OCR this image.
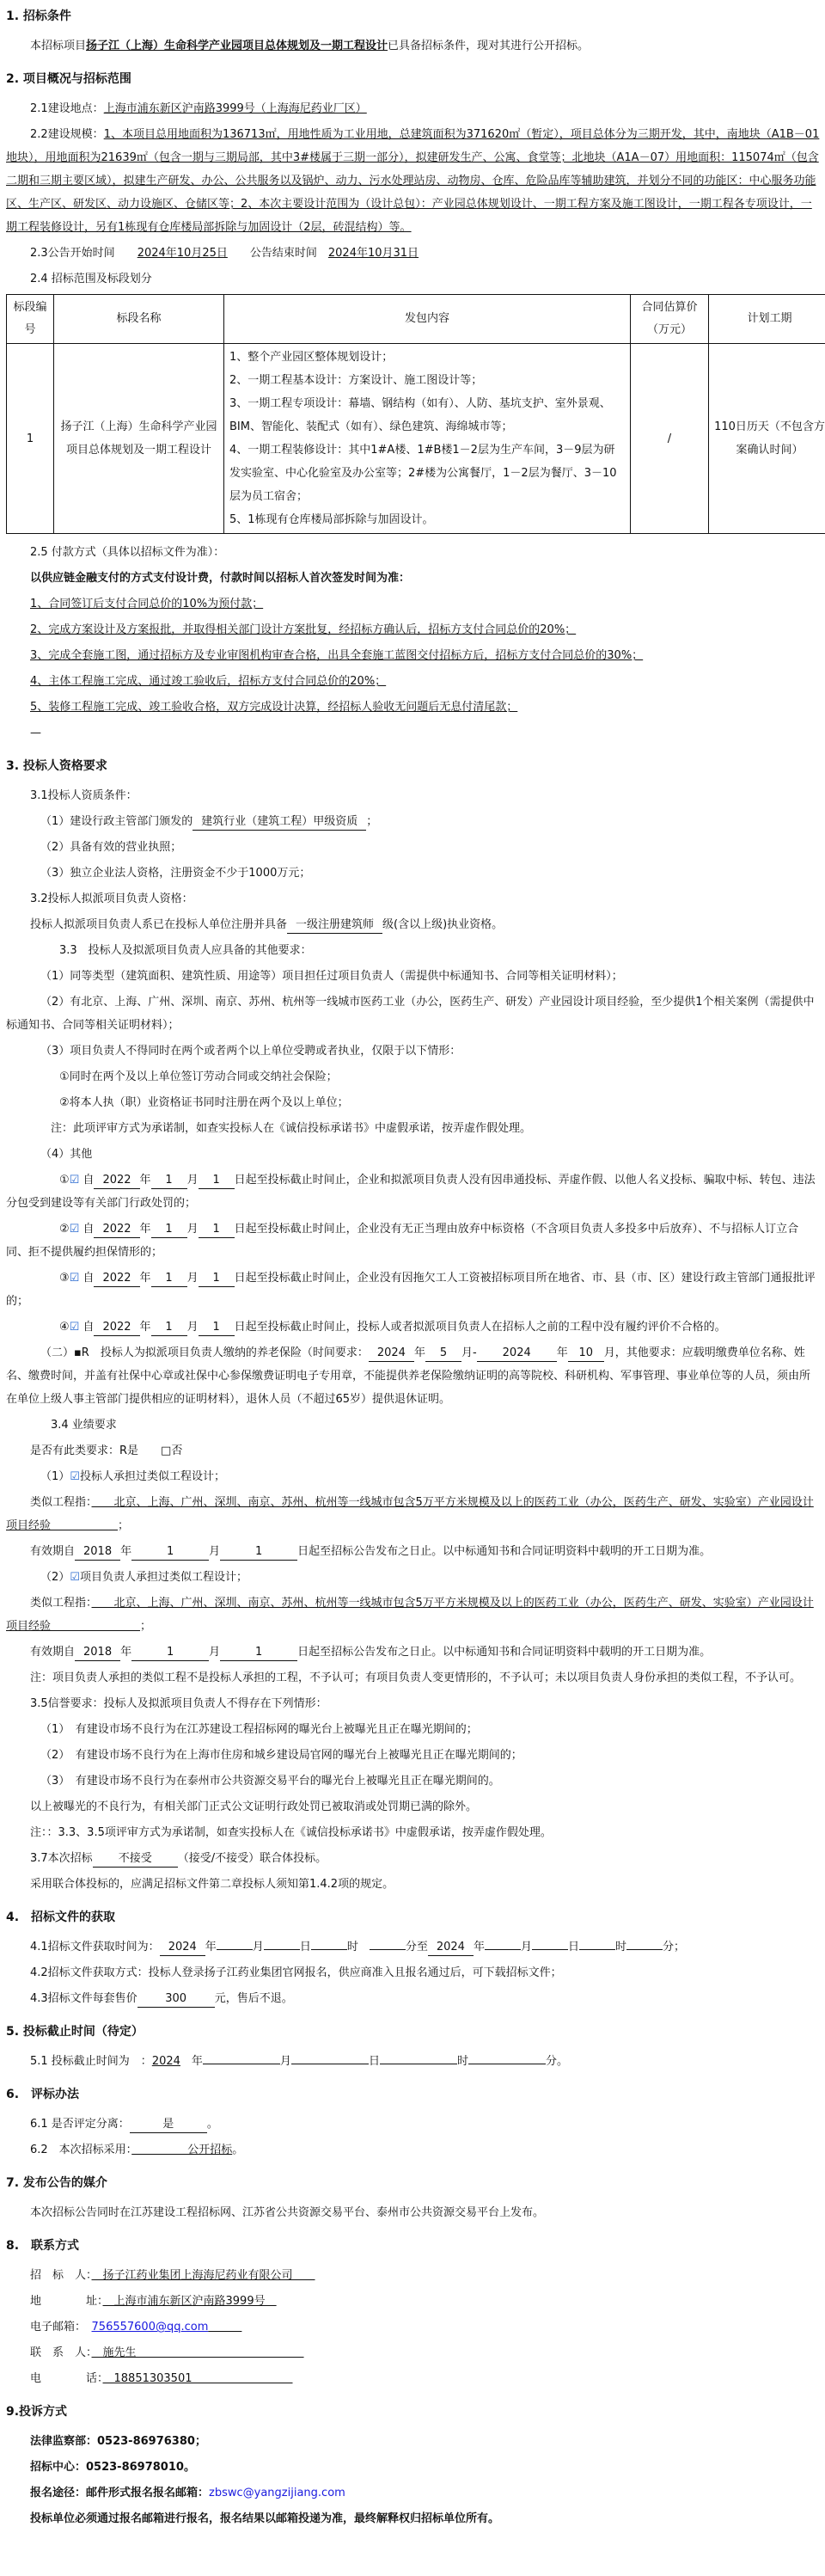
1. 招标条件
本招标项目扬子江（上海）生命科学产业园项目总体规划及一期工程设计已具备招标条件，现对其进行公开招标。
2. 项目概况与招标范围
2.1建设地点：上海市浦东新区沪南路3999号（上海海尼药业厂区）
2.2建设规模：1、本项目总用地面积为136713㎡，用地性质为工业用地，总建筑面积为371620㎡（暂定），项目总体分为三期开发，其中，南地块（A1B－01地块），用地面积为21639㎡（包含一期与三期局部，其中3#楼属于三期一部分），拟建研发生产、公寓、食堂等；北地块（A1A－07）用地面积：115074㎡（包含二期和三期主要区域），拟建生产研发、办公、公共服务以及锅炉、动力、污水处理站房、动物房、仓库、危险品库等辅助建筑，并划分不同的功能区：中心服务功能区、生产区、研发区、动力设施区、仓储区等；2、本次主要设计范围为（设计总包）：产业园总体规划设计、一期工程方案及施工图设计，一期工程各专项设计，一期工程装修设计，另有1栋现有仓库楼局部拆除与加固设计（2层，砖混结构）等。
2.3公告开始时间　　2024年10月25日　　公告结束时间　2024年10月31日
2.4 招标范围及标段划分
标段编号	标段名称	发包内容	合同估算价（万元）	计划工期
1	扬子江（上海）生命科学产业园项目总体规划及一期工程设计	1、整个产业园区整体规划设计；
2、一期工程基本设计：方案设计、施工图设计等；
3、一期工程专项设计：幕墙、钢结构（如有）、人防、基坑支护、室外景观、BIM、智能化、装配式（如有）、绿色建筑、海绵城市等；
4、一期工程装修设计：其中1#A楼、1#B楼1－2层为生产车间，3－9层为研发实验室、中心化验室及办公室等；2#楼为公寓餐厅，1－2层为餐厅、3－10层为员工宿舍；
5、1栋现有仓库楼局部拆除与加固设计。	/	110日历天（不包含方案确认时间）
2.5 付款方式（具体以招标文件为准）：
以供应链金融支付的方式支付设计费，付款时间以招标人首次签发时间为准：
1、合同签订后支付合同总价的10%为预付款；
2、完成方案设计及方案报批，并取得相关部门设计方案批复，经招标方确认后，招标方支付合同总价的20%；
3、完成全套施工图，通过招标方及专业审图机构审查合格，出具全套施工蓝图交付招标方后，招标方支付合同总价的30%；
4、主体工程施工完成、通过竣工验收后，招标方支付合同总价的20%；
5、装修工程施工完成、竣工验收合格，双方完成设计决算，经招标人验收无问题后无息付清尾款；
—
3. 投标人资格要求
3.1投标人资质条件：
（1）建设行政主管部门颁发的 建筑行业（建筑工程）甲级资质 ；
（2）具备有效的营业执照；
（3）独立企业法人资格，注册资金不少于1000万元；
3.2投标人拟派项目负责人资格：
投标人拟派项目负责人系已在投标人单位注册并具备 一级注册建筑师 级(含以上级)执业资格。
3.3　投标人及拟派项目负责人应具备的其他要求：
（1）同等类型（建筑面积、建筑性质、用途等）项目担任过项目负责人（需提供中标通知书、合同等相关证明材料）；
（2）有北京、上海、广州、深圳、南京、苏州、杭州等一线城市医药工业（办公，医药生产、研发）产业园设计项目经验，至少提供1个相关案例（需提供中标通知书、合同等相关证明材料）；
（3）项目负责人不得同时在两个或者两个以上单位受聘或者执业，仅限于以下情形：
①同时在两个及以上单位签订劳动合同或交纳社会保险；
②将本人执（职）业资格证书同时注册在两个及以上单位；
注：此项评审方式为承诺制，如查实投标人在《诚信投标承诺书》中虚假承诺，按弄虚作假处理。
（4）其他
①☑ 自 2022 年 1 月 1 日起至投标截止时间止，企业和拟派项目负责人没有因串通投标、弄虚作假、以他人名义投标、骗取中标、转包、违法分包受到建设等有关部门行政处罚的；
②☑ 自 2022 年 1 月 1 日起至投标截止时间止，企业没有无正当理由放弃中标资格（不含项目负责人多投多中后放弃）、不与招标人订立合同、拒不提供履约担保情形的；
③☑ 自 2022 年 1 月 1 日起至投标截止时间止，企业没有因拖欠工人工资被招标项目所在地省、市、县（市、区）建设行政主管部门通报批评的；
④☑ 自 2022 年 1 月 1 日起至投标截止时间止，投标人或者拟派项目负责人在招标人之前的工程中没有履约评价不合格的。
（二）▪R　投标人为拟派项目负责人缴纳的养老保险（时间要求： 2024 年 5 月- 2024 年 10 月，其他要求：应载明缴费单位名称、姓名、缴费时间，并盖有社保中心章或社保中心参保缴费证明电子专用章，不能提供养老保险缴纳证明的高等院校、科研机构、军事管理、事业单位等的人员，须由所在单位上级人事主管部门提供相应的证明材料），退休人员（不超过65岁）提供退休证明。
3.4 业绩要求
是否有此类要求：R是　　□否
（1）☑投标人承担过类似工程设计；
类似工程指：　　北京、上海、广州、深圳、南京、苏州、杭州等一线城市包含5万平方米规模及以上的医药工业（办公，医药生产、研发、实验室）产业园设计项目经验　　　　　　；
有效期自 2018 年	1	月	1	日起至招标公告发布之日止。以中标通知书和合同证明资料中载明的开工日期为准。
（2）☑项目负责人承担过类似工程设计；
类似工程指：　　北京、上海、广州、深圳、南京、苏州、杭州等一线城市包含5万平方米规模及以上的医药工业（办公，医药生产、研发、实验室）产业园设计项目经验　　　　　　　　；
有效期自 2018 年	1	月	1	日起至招标公告发布之日止。以中标通知书和合同证明资料中载明的开工日期为准。
注：项目负责人承担的类似工程不是投标人承担的工程，不予认可；有项目负责人变更情形的，不予认可；未以项目负责人身份承担的类似工程，不予认可。
3.5信誉要求：投标人及拟派项目负责人不得存在下列情形：
（1）　有建设市场不良行为在江苏建设工程招标网的曝光台上被曝光且正在曝光期间的；
（2）　有建设市场不良行为在上海市住房和城乡建设局官网的曝光台上被曝光且正在曝光期间的；
（3）　有建设市场不良行为在泰州市公共资源交易平台的曝光台上被曝光且正在曝光期间的。
以上被曝光的不良行为，有相关部门正式公文证明行政处罚已被取消或处罚期已满的除外。
注：：3.3、3.5项评审方式为承诺制，如查实投标人在《诚信投标承诺书》中虚假承诺，按弄虚作假处理。
3.7本次招标 不接受 （接受/不接受）联合体投标。
采用联合体投标的，应满足招标文件第二章投标人须知第1.4.2项的规定。
4.　招标文件的获取
4.1招标文件获取时间为： 2024 年	月	日	时　	分至 2024 年	月	日	时	分；
4.2招标文件获取方式：投标人登录扬子江药业集团官网报名，供应商准入且报名通过后，可下载招标文件；
4.3招标文件每套售价	300	元，售后不退。
5. 投标截止时间（待定）
5.1 投标截止时间为　：2024　年	月	日	时	分。
6.　评标办法
6.1 是否评定分离：	是	。
6.2　本次招标采用：　　　　　公开招标。
7. 发布公告的媒介
本次招标公告同时在江苏建设工程招标网、江苏省公共资源交易平台、泰州市公共资源交易平台上发布。
8.　联系方式
招　标　人：　扬子江药业集团上海海尼药业有限公司　　
地　　　　址：　上海市浦东新区沪南路3999号　
电子邮箱：　 756557600@qq.com　　　
联　系　人：　施先生　　　　　　　　　　　　　　　
电　　　　话：　18851303501　　　　　　　　　
9.投诉方式
法律监察部：0523-86976380；
招标中心：0523-86978010。
报名途径：邮件形式报名报名邮箱：zbswc@yangzijiang.com
投标单位必须通过报名邮箱进行报名，报名结果以邮箱投递为准，最终解释权归招标单位所有。
